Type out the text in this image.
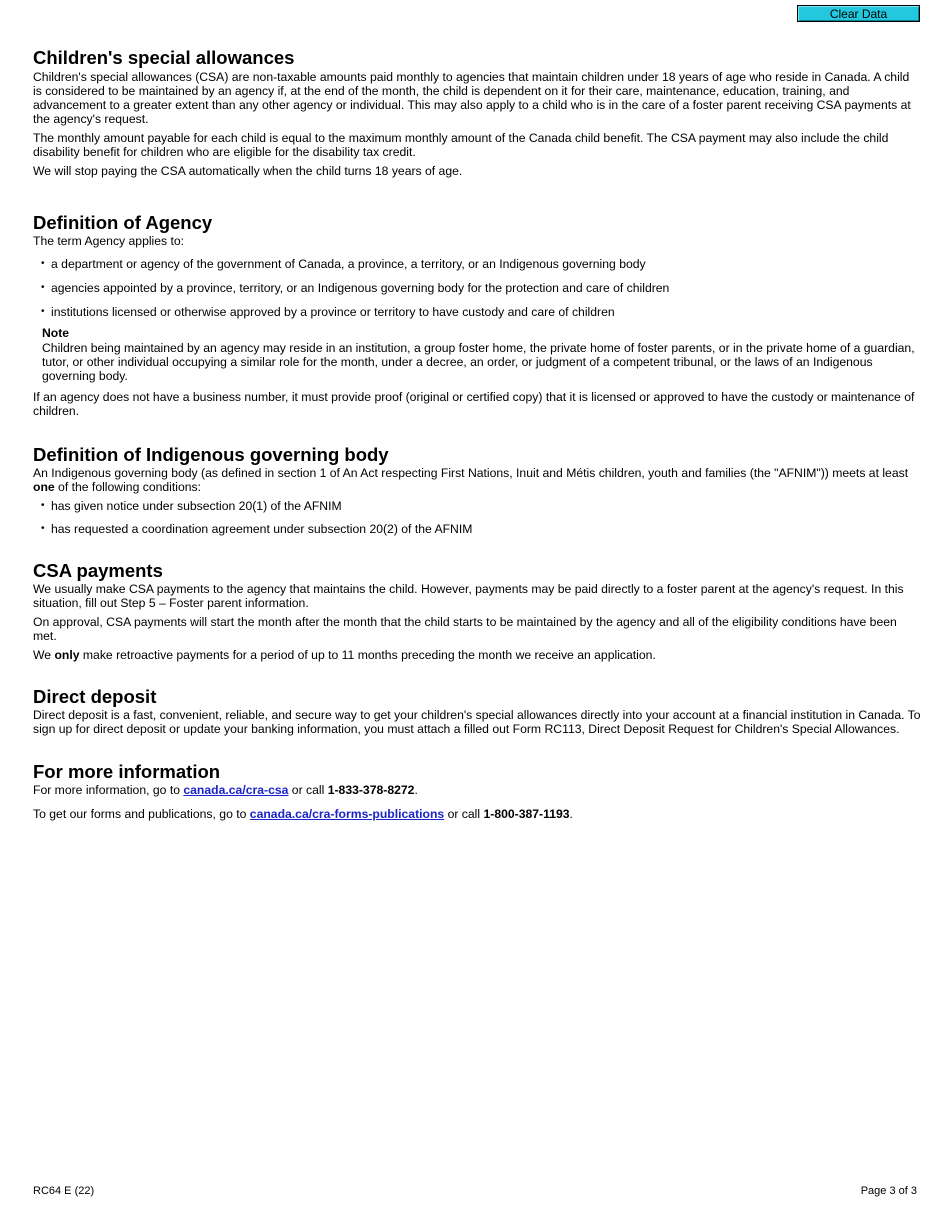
Clear Data
Children's special allowances

Children's special allowances (CSA) are non-taxable amounts paid monthly to agencies that maintain children under 18 years of age who reside in Canada. A child is considered to be maintained by an agency if, at the end of the month, the child is dependent on it for their care, maintenance, education, training, and advancement to a greater extent than any other agency or individual. This may also apply to a child who is in the care of a foster parent receiving CSA payments at the agency's request.

The monthly amount payable for each child is equal to the maximum monthly amount of the Canada child benefit. The CSA payment may also include the child disability benefit for children who are eligible for the disability tax credit.

We will stop paying the CSA automatically when the child turns 18 years of age.

Definition of Agency

The term Agency applies to:

• a department or agency of the government of Canada, a province, a territory, or an Indigenous governing body
• agencies appointed by a province, territory, or an Indigenous governing body for the protection and care of children
• institutions licensed or otherwise approved by a province or territory to have custody and care of children

Note

Children being maintained by an agency may reside in an institution, a group foster home, the private home of foster parents, or in the private home of a guardian, tutor, or other individual occupying a similar role for the month, under a decree, an order, or judgment of a competent tribunal, or the laws of an Indigenous governing body.

If an agency does not have a business number, it must provide proof (original or certified copy) that it is licensed or approved to have the custody or maintenance of children.

Definition of Indigenous governing body

An Indigenous governing body (as defined in section 1 of An Act respecting First Nations, Inuit and Métis children, youth and families (the "AFNIM")) meets at least one of the following conditions:

• has given notice under subsection 20(1) of the AFNIM
• has requested a coordination agreement under subsection 20(2) of the AFNIM
CSA payments

We usually make CSA payments to the agency that maintains the child. However, payments may be paid directly to a foster parent at the agency's request. In this situation, fill out Step 5 – Foster parent information.

On approval, CSA payments will start the month after the month that the child starts to be maintained by the agency and all of the eligibility conditions have been met.

We only make retroactive payments for a period of up to 11 months preceding the month we receive an application.

Direct deposit

Direct deposit is a fast, convenient, reliable, and secure way to get your children's special allowances directly into your account at a financial institution in Canada. To sign up for direct deposit or update your banking information, you must attach a filled out Form RC113, Direct Deposit Request for Children's Special Allowances.

For more information

For more information, go to canada.ca/cra-csa or call 1-833-378-8272.

To get our forms and publications, go to canada.ca/cra-forms-publications or call 1-800-387-1193.

RC64 E (22)	Page 3 of 3
